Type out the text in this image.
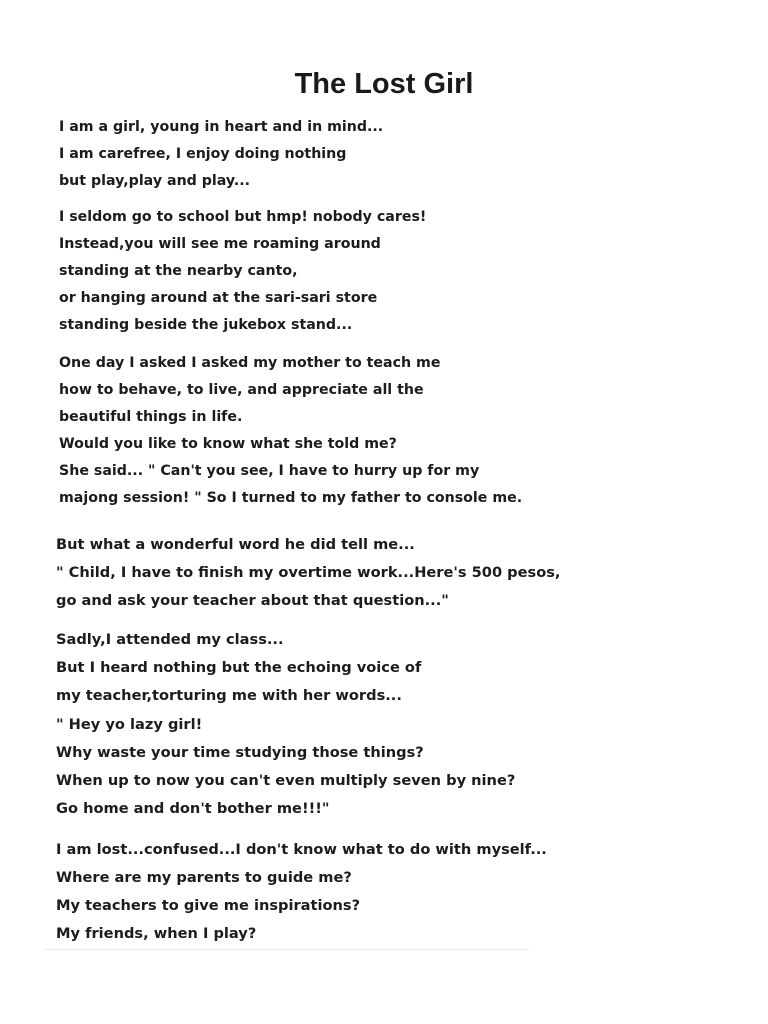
The Lost Girl
I am a girl, young in heart and in mind...
I am carefree, I enjoy doing nothing
but play,play and play...
I seldom go to school but hmp! nobody cares!
Instead,you will see me roaming around
standing at the nearby canto,
or hanging around at the sari-sari store
standing beside the jukebox stand...
One day I asked I asked my mother to teach me
how to behave, to live, and appreciate all the
beautiful things in life.
Would you like to know what she told me?
She said... " Can't you see, I have to hurry up for my
majong session! " So I turned to my father to console me.
But what a wonderful word he did tell me...
" Child, I have to finish my overtime work...Here's 500 pesos,
go and ask your teacher about that question..."
Sadly,I attended my class...
But I heard nothing but the echoing voice of
my teacher,torturing me with her words...
" Hey yo lazy girl!
Why waste your time studying those things?
When up to now you can't even multiply seven by nine?
Go home and don't bother me!!!"
I am lost...confused...I don't know what to do with myself...
Where are my parents to guide me?
My teachers to give me inspirations?
My friends, when I play?
